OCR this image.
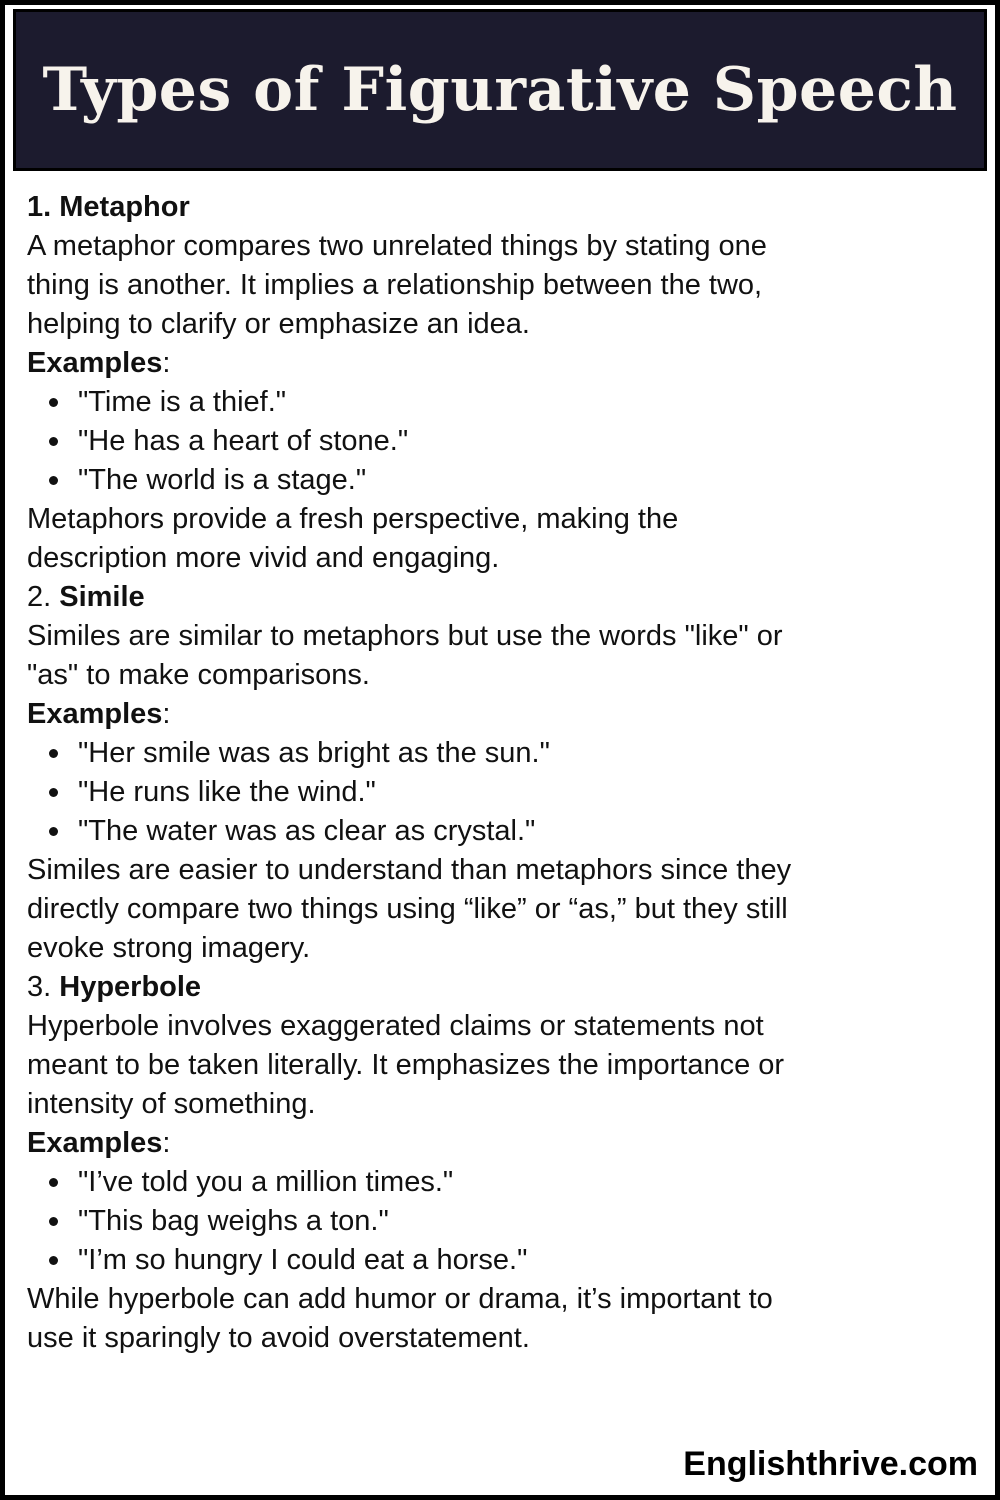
Types of Figurative Speech
1. Metaphor
A metaphor compares two unrelated things by stating one
thing is another. It implies a relationship between the two,
helping to clarify or emphasize an idea.
Examples:
"Time is a thief."
"He has a heart of stone."
"The world is a stage."
Metaphors provide a fresh perspective, making the
description more vivid and engaging.
2. Simile
Similes are similar to metaphors but use the words "like" or
"as" to make comparisons.
Examples:
"Her smile was as bright as the sun."
"He runs like the wind."
"The water was as clear as crystal."
Similes are easier to understand than metaphors since they
directly compare two things using “like” or “as,” but they still
evoke strong imagery.
3. Hyperbole
Hyperbole involves exaggerated claims or statements not
meant to be taken literally. It emphasizes the importance or
intensity of something.
Examples:
"I’ve told you a million times."
"This bag weighs a ton."
"I’m so hungry I could eat a horse."
While hyperbole can add humor or drama, it’s important to
use it sparingly to avoid overstatement.
Englishthrive.com
